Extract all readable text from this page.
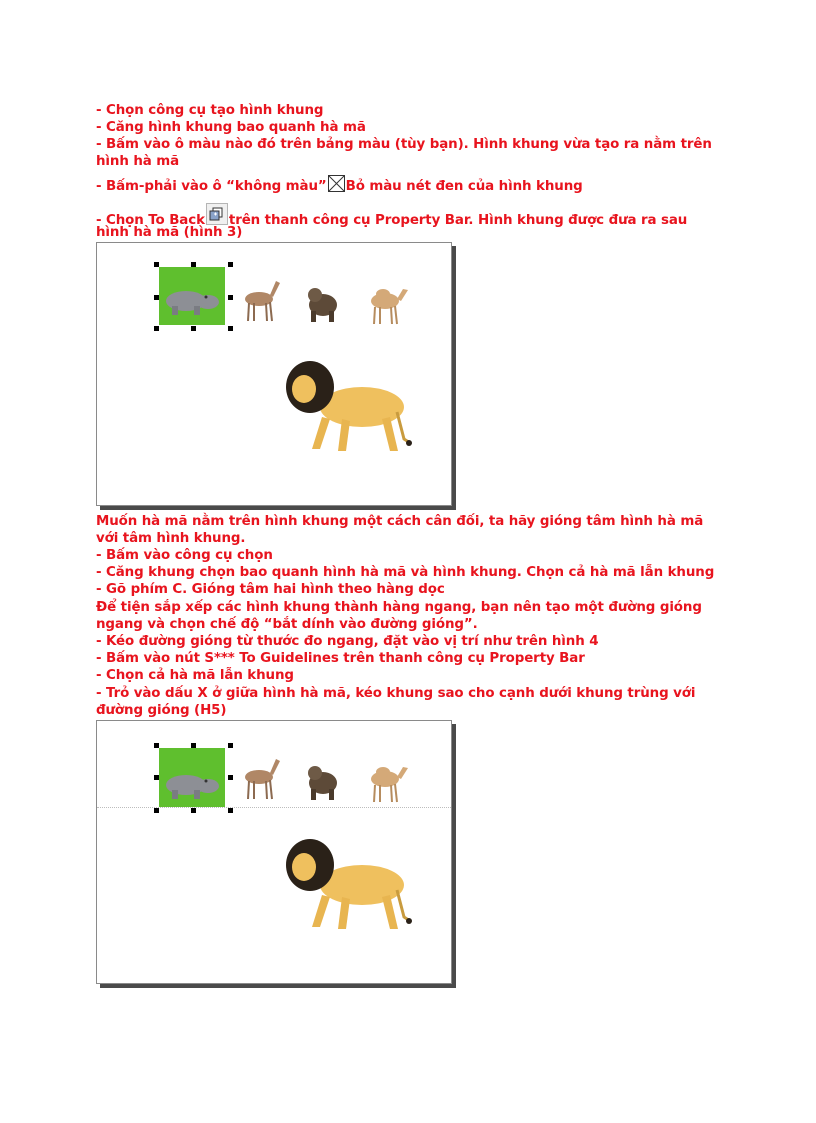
- Chọn công cụ tạo hình khung
- Căng hình khung bao quanh hà mã
- Bấm vào ô màu nào đó trên bảng màu (tùy bạn). Hình khung vừa tạo ra nằm trên
hình hà mã
- Bấm-phải vào ô “không màu” Bỏ màu nét đen của hình khung
- Chọn To Back trên thanh công cụ Property Bar. Hình khung được đưa ra sau
hình hà mã (hình 3)
Muốn hà mã nằm trên hình khung một cách cân đối, ta hãy gióng tâm hình hà mã
với tâm hình khung.
- Bấm vào công cụ chọn
- Căng khung chọn bao quanh hình hà mã và hình khung. Chọn cả hà mã lẫn khung
- Gõ phím C. Gióng tâm hai hình theo hàng dọc
Để tiện sắp xếp các hình khung thành hàng ngang, bạn nên tạo một đường gióng
ngang và chọn chế độ “bắt dính vào đường gióng”.
- Kéo đường gióng từ thước đo ngang, đặt vào vị trí như trên hình 4
- Bấm vào nút S*** To Guidelines trên thanh công cụ Property Bar
- Chọn cả hà mã lẫn khung
- Trỏ vào dấu X ở giữa hình hà mã, kéo khung sao cho cạnh dưới khung trùng với
đường gióng (H5)
